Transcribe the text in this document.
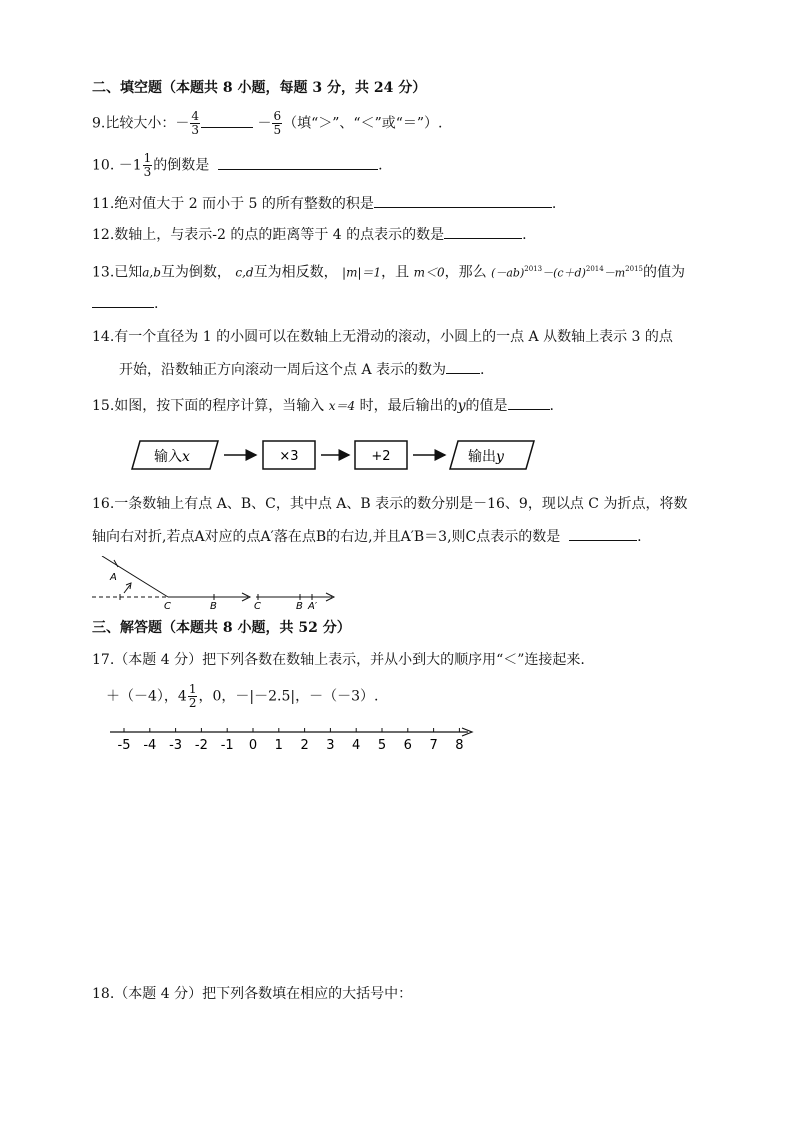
二、填空题（本题共 8 小题，每题 3 分，共 24 分）
9.比较大小：－ $\frac{4}{3}$	－ $\frac{6}{5}$ （填“＞”、“＜”或“＝”）.
10. $-1 \frac{1}{3}$ 的倒数是	.
11.绝对值大于 2 而小于 5 的所有整数的积是	.
12.数轴上，与表示-2 的点的距离等于 4 的点表示的数是	.
13.已知a,b互为倒数， c,d互为相反数， |m|＝1，且 m＜0，那么 $(-ab)^{2013}-(c+d)^{2014}-m^{2015}$的值为
.
14.有一个直径为 1 的小圆可以在数轴上无滑动的滚动，小圆上的一点 A 从数轴上表示 3 的点
开始，沿数轴正方向滚动一周后这个点 A 表示的数为 .
15.如图，按下面的程序计算，当输入 x＝4 时，最后输出的y的值是	.
输入x	×3	+2	输出y
16.一条数轴上有点 A、B、C，其中点 A、B 表示的数分别是－16、9，现以点 C 为折点，将数
轴向右对折,若点A对应的点A′落在点B的右边,并且A′B＝3,则C点表示的数是	.
A
C	B	C	B A′
三、解答题（本题共 8 小题，共 52 分）
17.（本题 4 分）把下列各数在数轴上表示，并从小到大的顺序用“＜”连接起来.
＋（－4），$4 \frac{1}{2}$ ，0，－|－2.5|，－（－3）.
-5 -4 -3 -2 -1 0 1 2 3 4 5 6 7 8
18.（本题 4 分）把下列各数填在相应的大括号中：
